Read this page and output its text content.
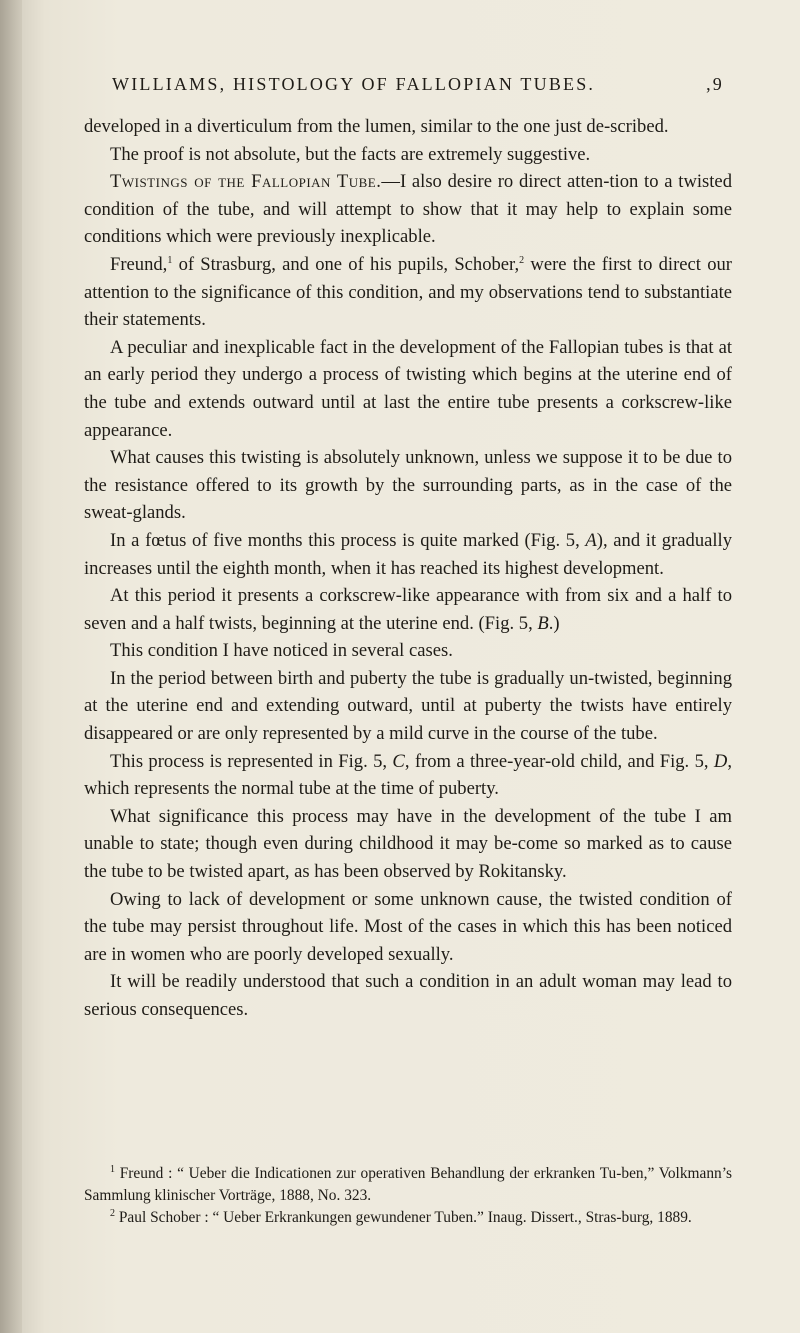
WILLIAMS, HISTOLOGY OF FALLOPIAN TUBES.	,9

developed in a diverticulum from the lumen, similar to the one just de-scribed.

The proof is not absolute, but the facts are extremely suggestive.

Twistings of the Fallopian Tube.—I also desire ro direct atten-tion to a twisted condition of the tube, and will attempt to show that it may help to explain some conditions which were previously inexplicable.

Freund,$^1$ of Strasburg, and one of his pupils, Schober,$^2$ were the first to direct our attention to the significance of this condition, and my observations tend to substantiate their statements.

A peculiar and inexplicable fact in the development of the Fallopian tubes is that at an early period they undergo a process of twisting which begins at the uterine end of the tube and extends outward until at last the entire tube presents a corkscrew-like appearance.

What causes this twisting is absolutely unknown, unless we suppose it to be due to the resistance offered to its growth by the surrounding parts, as in the case of the sweat-glands.

In a fœtus of five months this process is quite marked (Fig. 5, A), and it gradually increases until the eighth month, when it has reached its highest development.

At this period it presents a corkscrew-like appearance with from six and a half to seven and a half twists, beginning at the uterine end. (Fig. 5, B.)

This condition I have noticed in several cases.

In the period between birth and puberty the tube is gradually un-twisted, beginning at the uterine end and extending outward, until at puberty the twists have entirely disappeared or are only represented by a mild curve in the course of the tube.

This process is represented in Fig. 5, C, from a three-year-old child, and Fig. 5, D, which represents the normal tube at the time of puberty.

What significance this process may have in the development of the tube I am unable to state; though even during childhood it may be-come so marked as to cause the tube to be twisted apart, as has been observed by Rokitansky.

Owing to lack of development or some unknown cause, the twisted condition of the tube may persist throughout life. Most of the cases in which this has been noticed are in women who are poorly developed sexually.

It will be readily understood that such a condition in an adult woman may lead to serious consequences.

$^1$ Freund : “ Ueber die Indicationen zur operativen Behandlung der erkranken Tu-ben,” Volkmann’s Sammlung klinischer Vorträge, 1888, No. 323.

$^2$ Paul Schober : “ Ueber Erkrankungen gewundener Tuben.” Inaug. Dissert., Stras-burg, 1889.
